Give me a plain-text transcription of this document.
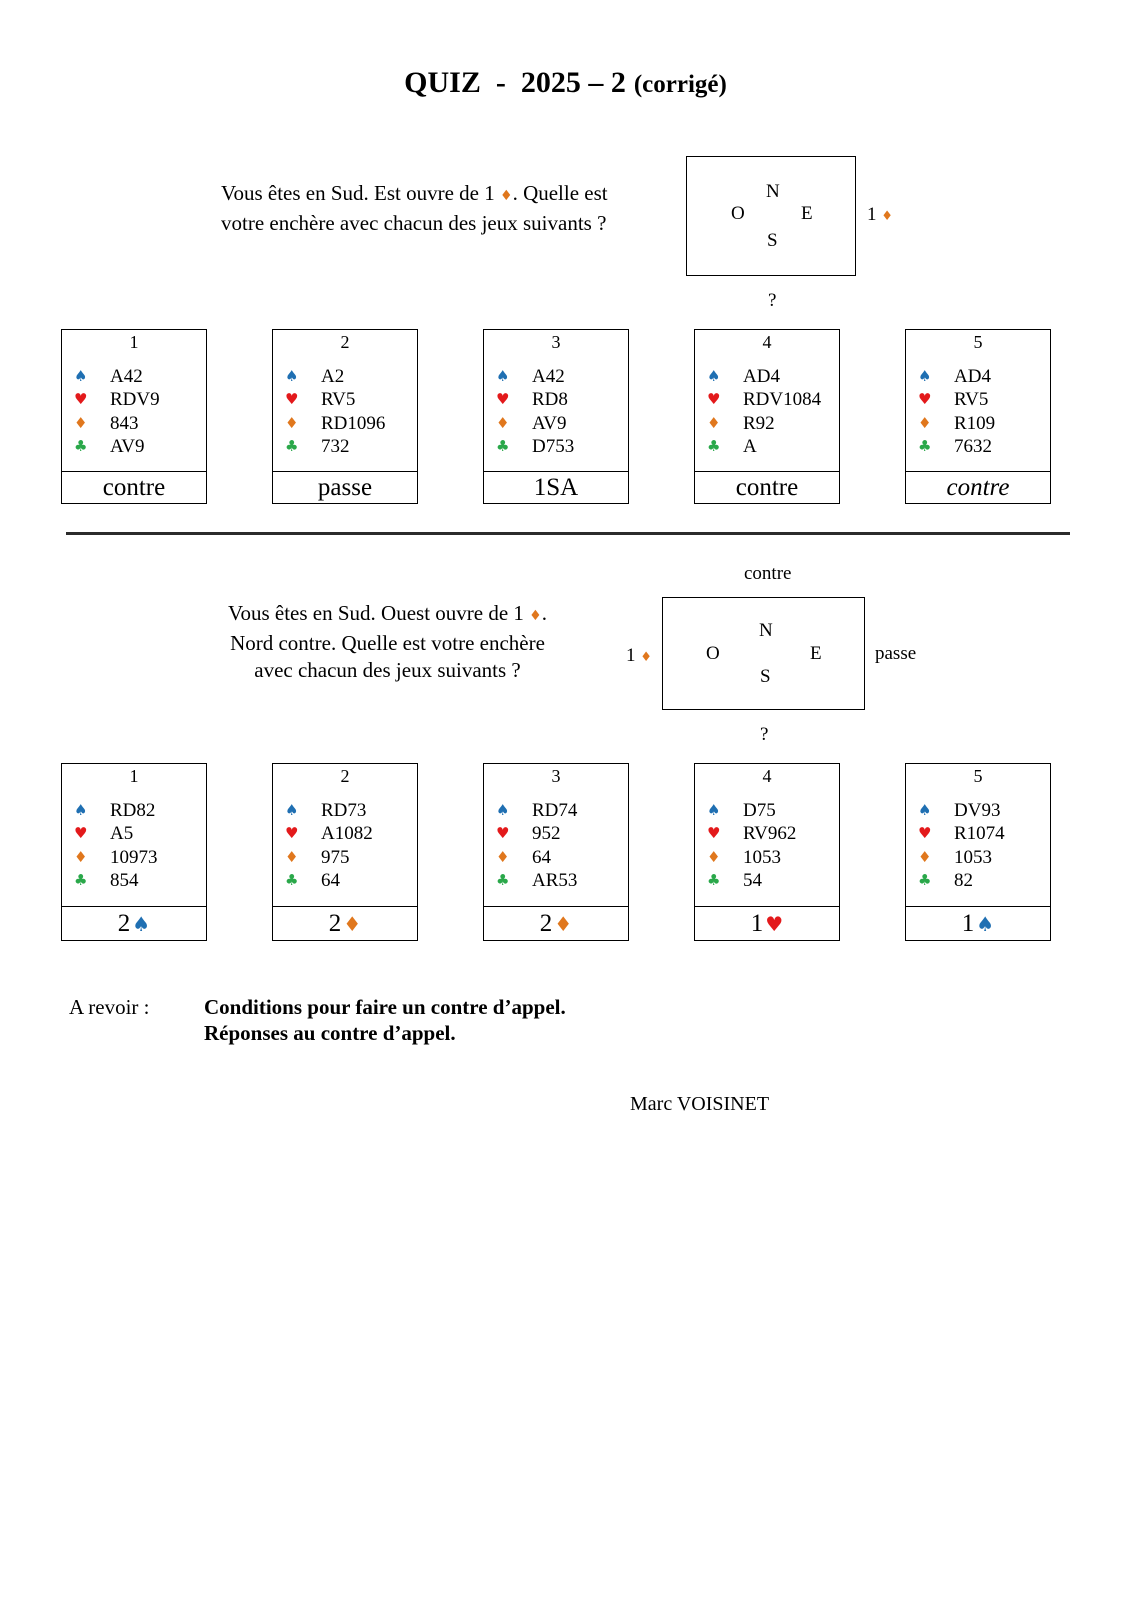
QUIZ  -  2025 – 2 (corrigé)
Vous êtes en Sud. Est ouvre de 1 ♦. Quelle est
votre enchère avec chacun des jeux suivants ?
N
O	E
S
1 ♦
?
1
♠ A42
♥ RDV9
♦ 843
♣ AV9
contre
2
♠ A2
♥ RV5
♦ RD1096
♣ 732
passe
3
♠ A42
♥ RD8
♦ AV9
♣ D753
1SA
4
♠ AD4
♥ RDV1084
♦ R92
♣ A
contre
5
♠ AD4
♥ RV5
♦ R109
♣ 7632
contre
contre
Vous êtes en Sud. Ouest ouvre de 1 ♦.
Nord contre. Quelle est votre enchère
avec chacun des jeux suivants ?
1 ♦
N
O	E
S
passe
?
1
♠ RD82
♥ A5
♦ 10973
♣ 854
2 ♠
2
♠ RD73
♥ A1082
♦ 975
♣ 64
2 ♦
3
♠ RD74
♥ 952
♦ 64
♣ AR53
2 ♦
4
♠ D75
♥ RV962
♦ 1053
♣ 54
1 ♥
5
♠ DV93
♥ R1074
♦ 1053
♣ 82
1 ♠
A revoir :	Conditions pour faire un contre d’appel.
Réponses au contre d’appel.
Marc VOISINET
